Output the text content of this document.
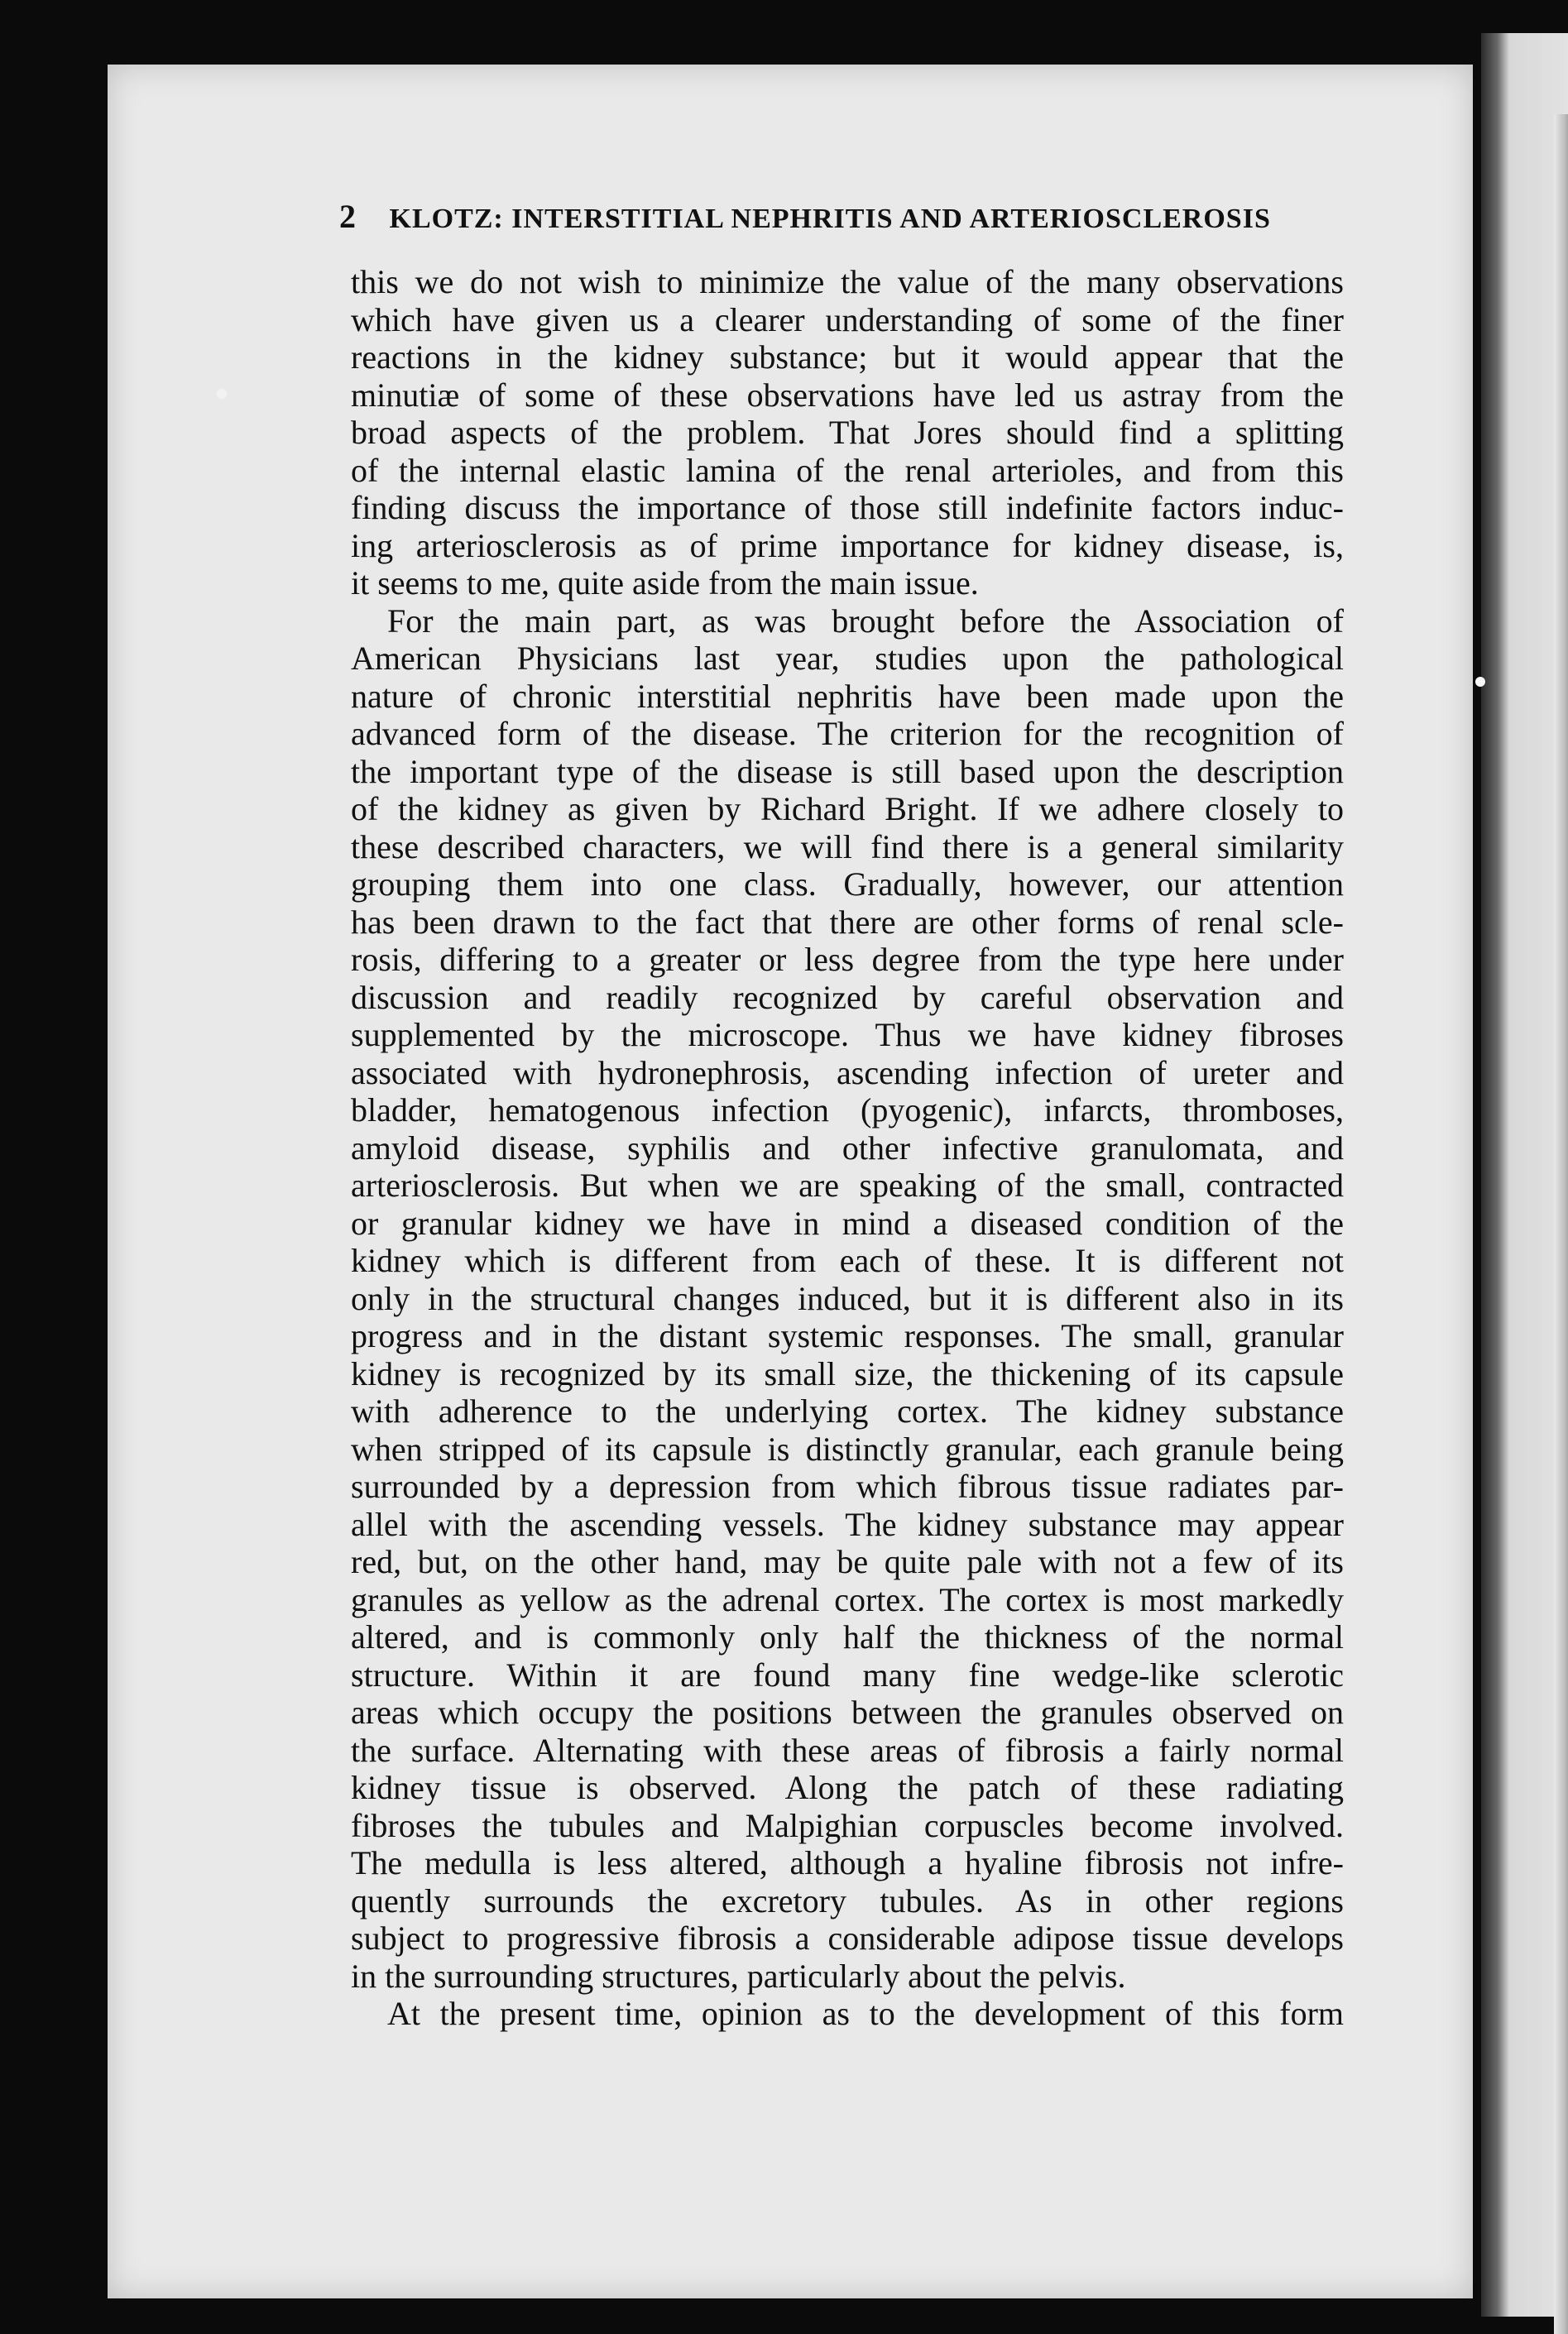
2 KLOTZ: INTERSTITIAL NEPHRITIS AND ARTERIOSCLEROSIS
this we do not wish to minimize the value of the many observations
which have given us a clearer understanding of some of the finer
reactions in the kidney substance; but it would appear that the
minutiæ of some of these observations have led us astray from the
broad aspects of the problem. That Jores should find a splitting
of the internal elastic lamina of the renal arterioles, and from this
finding discuss the importance of those still indefinite factors induc-
ing arteriosclerosis as of prime importance for kidney disease, is,
it seems to me, quite aside from the main issue.
For the main part, as was brought before the Association of
American Physicians last year, studies upon the pathological
nature of chronic interstitial nephritis have been made upon the
advanced form of the disease. The criterion for the recognition of
the important type of the disease is still based upon the description
of the kidney as given by Richard Bright. If we adhere closely to
these described characters, we will find there is a general similarity
grouping them into one class. Gradually, however, our attention
has been drawn to the fact that there are other forms of renal scle-
rosis, differing to a greater or less degree from the type here under
discussion and readily recognized by careful observation and
supplemented by the microscope. Thus we have kidney fibroses
associated with hydronephrosis, ascending infection of ureter and
bladder, hematogenous infection (pyogenic), infarcts, thromboses,
amyloid disease, syphilis and other infective granulomata, and
arteriosclerosis. But when we are speaking of the small, contracted
or granular kidney we have in mind a diseased condition of the
kidney which is different from each of these. It is different not
only in the structural changes induced, but it is different also in its
progress and in the distant systemic responses. The small, granular
kidney is recognized by its small size, the thickening of its capsule
with adherence to the underlying cortex. The kidney substance
when stripped of its capsule is distinctly granular, each granule being
surrounded by a depression from which fibrous tissue radiates par-
allel with the ascending vessels. The kidney substance may appear
red, but, on the other hand, may be quite pale with not a few of its
granules as yellow as the adrenal cortex. The cortex is most markedly
altered, and is commonly only half the thickness of the normal
structure. Within it are found many fine wedge-like sclerotic
areas which occupy the positions between the granules observed on
the surface. Alternating with these areas of fibrosis a fairly normal
kidney tissue is observed. Along the patch of these radiating
fibroses the tubules and Malpighian corpuscles become involved.
The medulla is less altered, although a hyaline fibrosis not infre-
quently surrounds the excretory tubules. As in other regions
subject to progressive fibrosis a considerable adipose tissue develops
in the surrounding structures, particularly about the pelvis.
At the present time, opinion as to the development of this form
